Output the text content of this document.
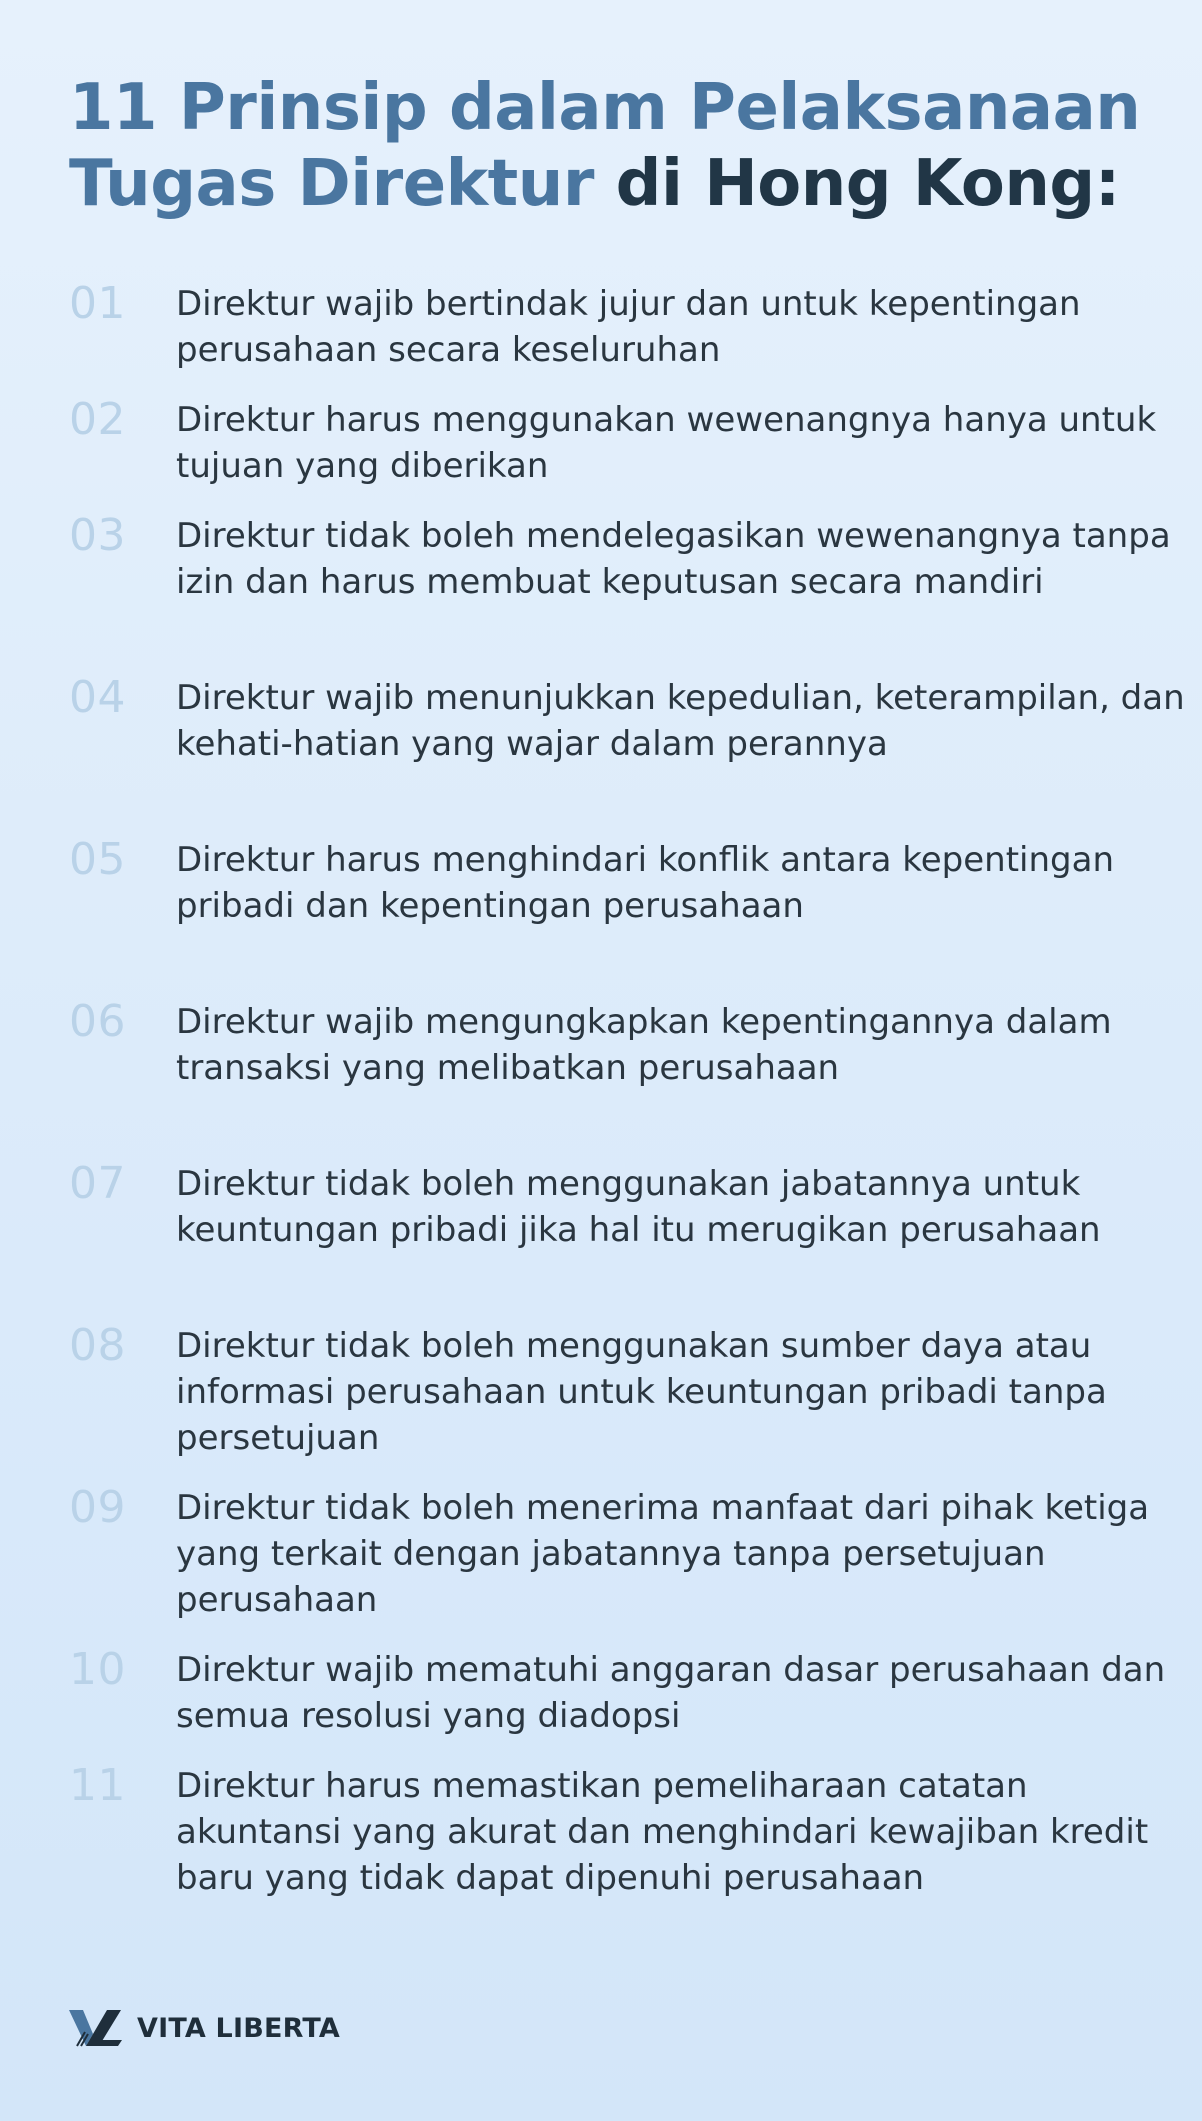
11 Prinsip dalam Pelaksanaan
Tugas Direktur di Hong Kong:
01 Direktur wajib bertindak jujur dan untuk kepentingan perusahaan secara keseluruhan
02 Direktur harus menggunakan wewenangnya hanya untuk tujuan yang diberikan
03 Direktur tidak boleh mendelegasikan wewenangnya tanpa izin dan harus membuat keputusan secara mandiri
04 Direktur wajib menunjukkan kepedulian, keterampilan, dan kehati-hatian yang wajar dalam perannya
05 Direktur harus menghindari konflik antara kepentingan pribadi dan kepentingan perusahaan
06 Direktur wajib mengungkapkan kepentingannya dalam transaksi yang melibatkan perusahaan
07 Direktur tidak boleh menggunakan jabatannya untuk keuntungan pribadi jika hal itu merugikan perusahaan
08 Direktur tidak boleh menggunakan sumber daya atau informasi perusahaan untuk keuntungan pribadi tanpa persetujuan
09 Direktur tidak boleh menerima manfaat dari pihak ketiga yang terkait dengan jabatannya tanpa persetujuan perusahaan
10 Direktur wajib mematuhi anggaran dasar perusahaan dan semua resolusi yang diadopsi
11 Direktur harus memastikan pemeliharaan catatan akuntansi yang akurat dan menghindari kewajiban kredit baru yang tidak dapat dipenuhi perusahaan
VITA LIBERTA
